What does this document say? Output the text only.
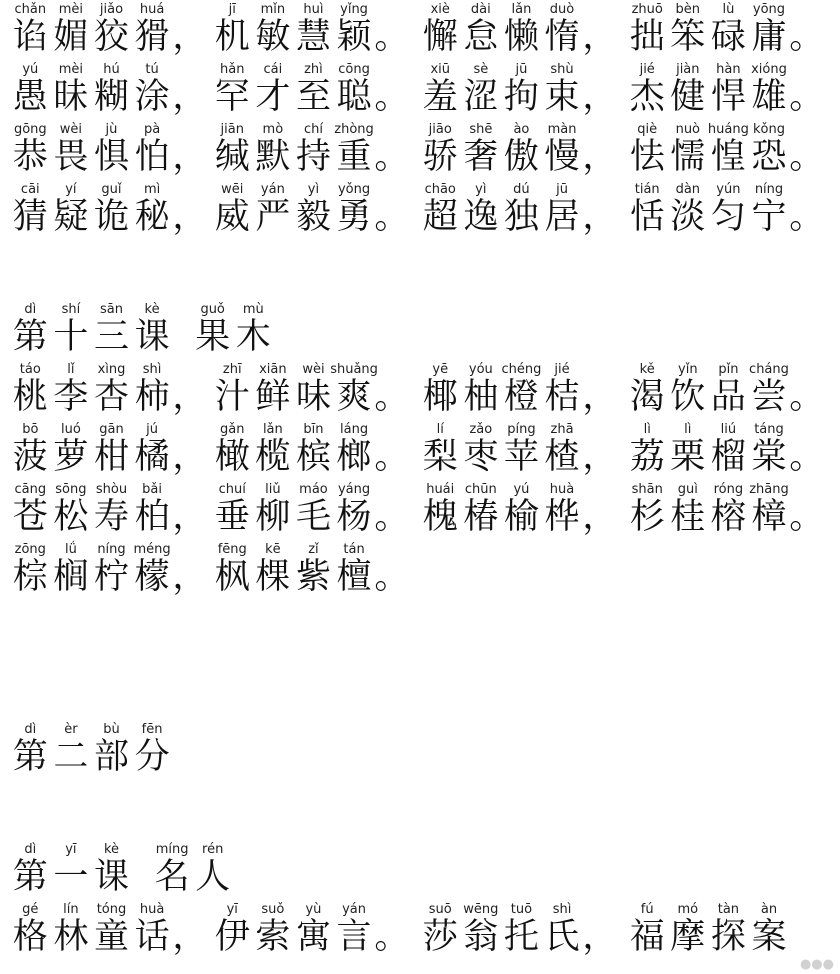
chǎn
谄
mèi
媚
jiǎo
狡
huá
猾 ，
jī
机
mǐn
敏
huì
慧
yǐng
颖 。
xiè
懈
dài
怠
lǎn
懒
duò
惰 ，
zhuō
拙
bèn
笨
lù
碌
yōng
庸 。
yú
愚
mèi
昧
hú
糊
tú
涂 ，
hǎn
罕
cái
才
zhì
至
cōng
聪 。
xiū
羞
sè
涩
jū
拘
shù
束 ，
jié
杰
jiàn
健
hàn
悍
xióng
雄 。
gōng
恭
wèi
畏
jù
惧
pà
怕 ，
jiān
缄
mò
默
chí
持
zhòng
重 。
jiāo
骄
shē
奢
ào
傲
màn
慢 ，
qiè
怯
nuò
懦
huáng
惶
kǒng
恐 。
cāi
猜
yí
疑
guǐ
诡
mì
秘 ，
wēi
威
yán
严
yì
毅
yǒng
勇 。
chāo
超
yì
逸
dú
独
jū
居 ，
tián
恬
dàn
淡
yún
匀
níng
宁 。
dì
第
shí
十
sān
三
kè
课
guǒ
果
mù
木
táo
桃
lǐ
李
xìng
杏
shì
柿 ，
zhī
汁
xiān
鲜
wèi
味
shuǎng
爽 。
yē
椰
yóu
柚
chéng
橙
jié
桔 ，
kě
渴
yǐn
饮
pǐn
品
cháng
尝 。
bō
菠
luó
萝
gān
柑
jú
橘 ，
gǎn
橄
lǎn
榄
bīn
槟
láng
榔 。
lí
梨
zǎo
枣
píng
苹
zhā
楂 ，
lì
荔
lì
栗
liú
榴
táng
棠 。
cāng
苍
sōng
松
shòu
寿
bǎi
柏 ，
chuí
垂
liǔ
柳
máo
毛
yáng
杨 。
huái
槐
chūn
椿
yú
榆
huà
桦 ，
shān
杉
guì
桂
róng
榕
zhāng
樟 。
zōng
棕
lǘ
榈
níng
柠
méng
檬 ，
fēng
枫
kē
棵
zǐ
紫
tán
檀 。
dì
第
èr
二
bù
部
fēn
分
dì
第
yī
一
kè
课
míng
名
rén
人
gé
格
lín
林
tóng
童
huà
话 ，
yī
伊
suǒ
索
yù
寓
yán
言 。
suō
莎
wēng
翁
tuō
托
shì
氏 ，
fú
福
mó
摩
tàn
探
àn
案
●●●
